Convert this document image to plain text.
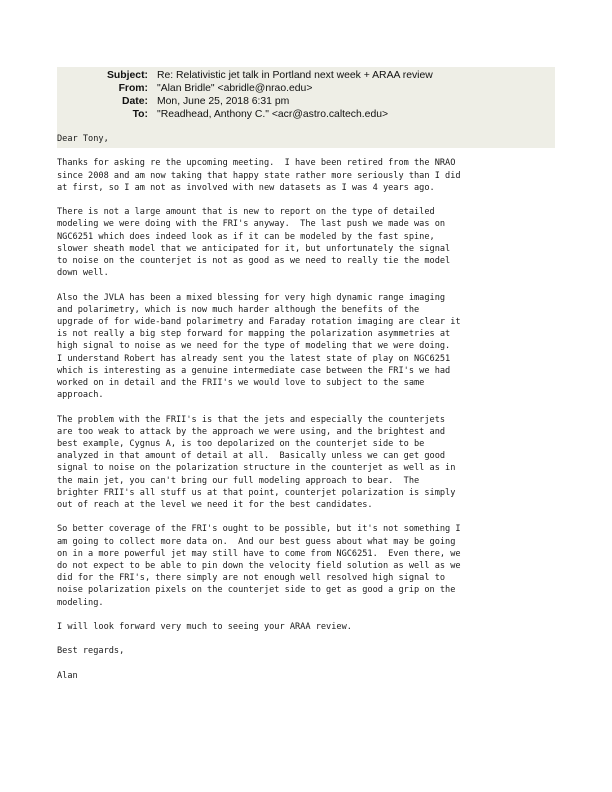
Subject: Re: Relativistic jet talk in Portland next week + ARAA review
From: "Alan Bridle" <abridle@nrao.edu>
Date: Mon, June 25, 2018 6:31 pm
To: "Readhead, Anthony C." <acr@astro.caltech.edu>
Dear Tony,
Thanks for asking re the upcoming meeting.  I have been retired from the NRAO
since 2008 and am now taking that happy state rather more seriously than I did
at first, so I am not as involved with new datasets as I was 4 years ago.
There is not a large amount that is new to report on the type of detailed
modeling we were doing with the FRI's anyway.  The last push we made was on
NGC6251 which does indeed look as if it can be modeled by the fast spine,
slower sheath model that we anticipated for it, but unfortunately the signal
to noise on the counterjet is not as good as we need to really tie the model
down well.
Also the JVLA has been a mixed blessing for very high dynamic range imaging
and polarimetry, which is now much harder although the benefits of the
upgrade of for wide-band polarimetry and Faraday rotation imaging are clear it
is not really a big step forward for mapping the polarization asymmetries at
high signal to noise as we need for the type of modeling that we were doing.
I understand Robert has already sent you the latest state of play on NGC6251
which is interesting as a genuine intermediate case between the FRI's we had
worked on in detail and the FRII's we would love to subject to the same
approach.
The problem with the FRII's is that the jets and especially the counterjets
are too weak to attack by the approach we were using, and the brightest and
best example, Cygnus A, is too depolarized on the counterjet side to be
analyzed in that amount of detail at all.  Basically unless we can get good
signal to noise on the polarization structure in the counterjet as well as in
the main jet, you can't bring our full modeling approach to bear.  The
brighter FRII's all stuff us at that point, counterjet polarization is simply
out of reach at the level we need it for the best candidates.
So better coverage of the FRI's ought to be possible, but it's not something I
am going to collect more data on.  And our best guess about what may be going
on in a more powerful jet may still have to come from NGC6251.  Even there, we
do not expect to be able to pin down the velocity field solution as well as we
did for the FRI's, there simply are not enough well resolved high signal to
noise polarization pixels on the counterjet side to get as good a grip on the
modeling.
I will look forward very much to seeing your ARAA review.
Best regards,
Alan
